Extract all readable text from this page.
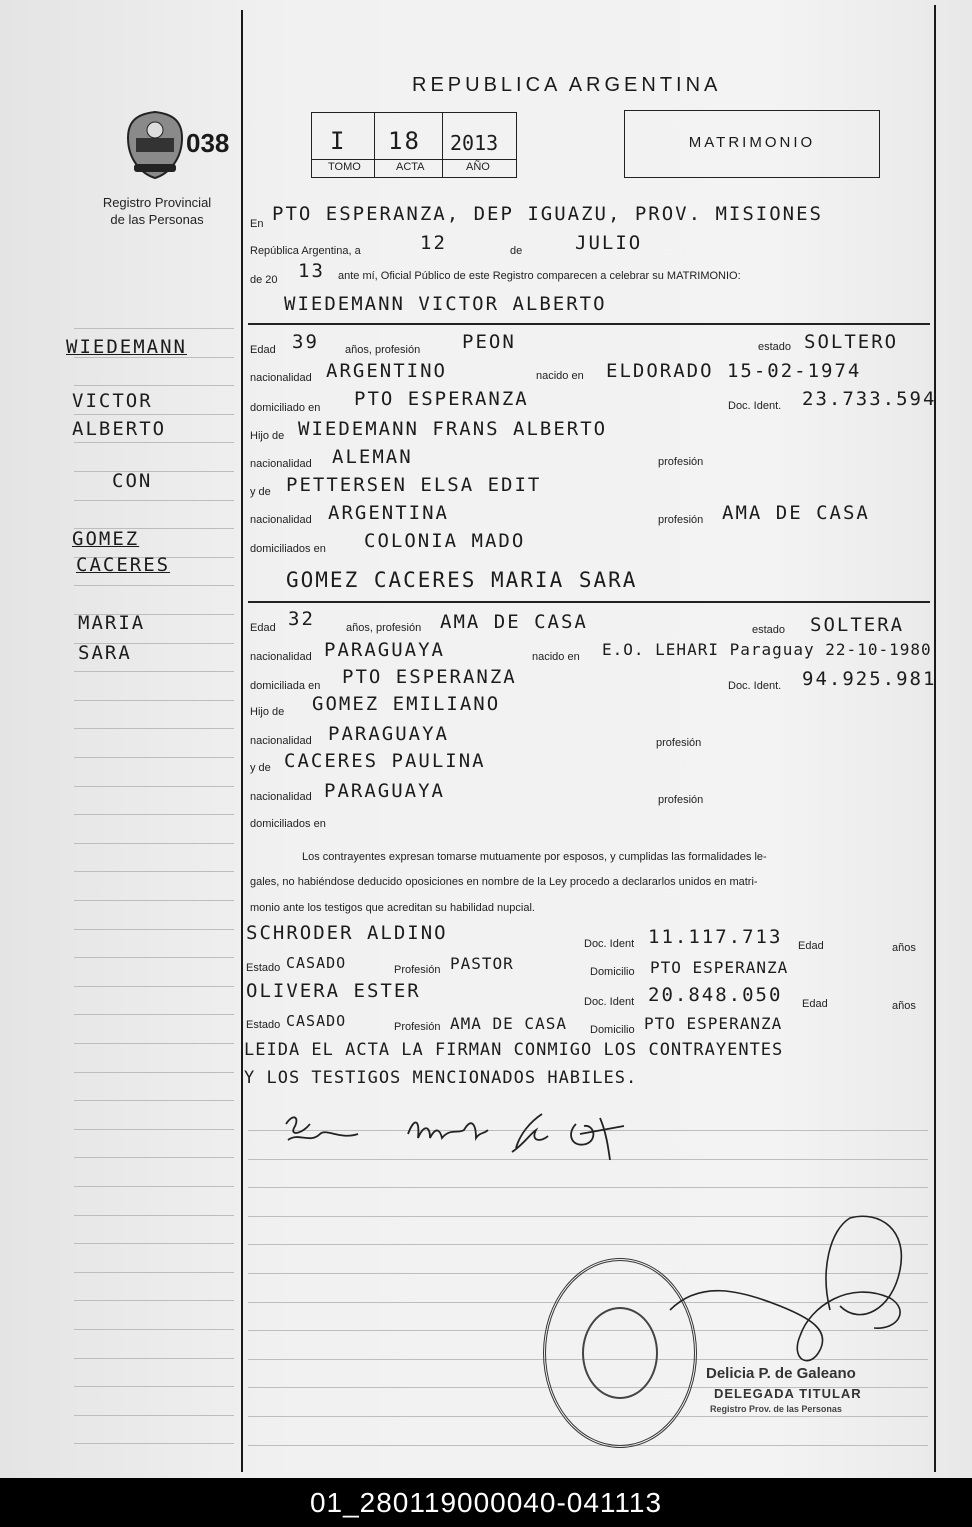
038
Registro Provincial
de las Personas
REPUBLICA ARGENTINA
I 18 2013
TOMO	ACTA	AÑO
MATRIMONIO
WIEDEMANN
VICTOR
ALBERTO
CON
GOMEZ
CACERES
MARIA
SARA
En PTO ESPERANZA, DEP IGUAZU, PROV. MISIONES
República Argentina, a	12	de	JULIO
de 20 13 ante mí, Oficial Público de este Registro comparecen a celebrar su MATRIMONIO:
WIEDEMANN VICTOR ALBERTO
Edad 39 años, profesión PEON	estado SOLTERO
nacionalidad ARGENTINO	nacido en ELDORADO 15-02-1974
domiciliado en PTO ESPERANZA	Doc. Ident. 23.733.594
Hijo de WIEDEMANN FRANS ALBERTO
nacionalidad ALEMAN	profesión
y de PETTERSEN ELSA EDIT
nacionalidad ARGENTINA	profesión AMA DE CASA
domiciliados en COLONIA MADO
GOMEZ CACERES MARIA SARA
Edad 32	años, profesión AMA DE CASA	estado SOLTERA
nacionalidad PARAGUAYA	nacido en E.O. LEHARI Paraguay 22-10-1980
domiciliada en PTO ESPERANZA	Doc. Ident. 94.925.981
Hijo de GOMEZ EMILIANO
nacionalidad PARAGUAYA	profesión
y de CACERES PAULINA
nacionalidad PARAGUAYA	profesión
domiciliados en
Los contrayentes expresan tomarse mutuamente por esposos, y cumplidas las formalidades le-
gales, no habiéndose deducido oposiciones en nombre de la Ley procedo a declararlos unidos en matri-
monio ante los testigos que acreditan su habilidad nupcial.
SCHRODER ALDINO	Doc. Ident 11.117.713 Edad	años
Estado CASADO	Profesión PASTOR	Domicilio PTO ESPERANZA
OLIVERA ESTER	Doc. Ident 20.848.050 Edad	años
Estado CASADO	Profesión AMA DE CASA Domicilio PTO ESPERANZA
LEIDA EL ACTA LA FIRMAN CONMIGO LOS CONTRAYENTES
Y LOS TESTIGOS MENCIONADOS HABILES.
Delicia P. de Galeano
DELEGADA TITULAR
Registro Prov. de las Personas
01_280119000040-041113
